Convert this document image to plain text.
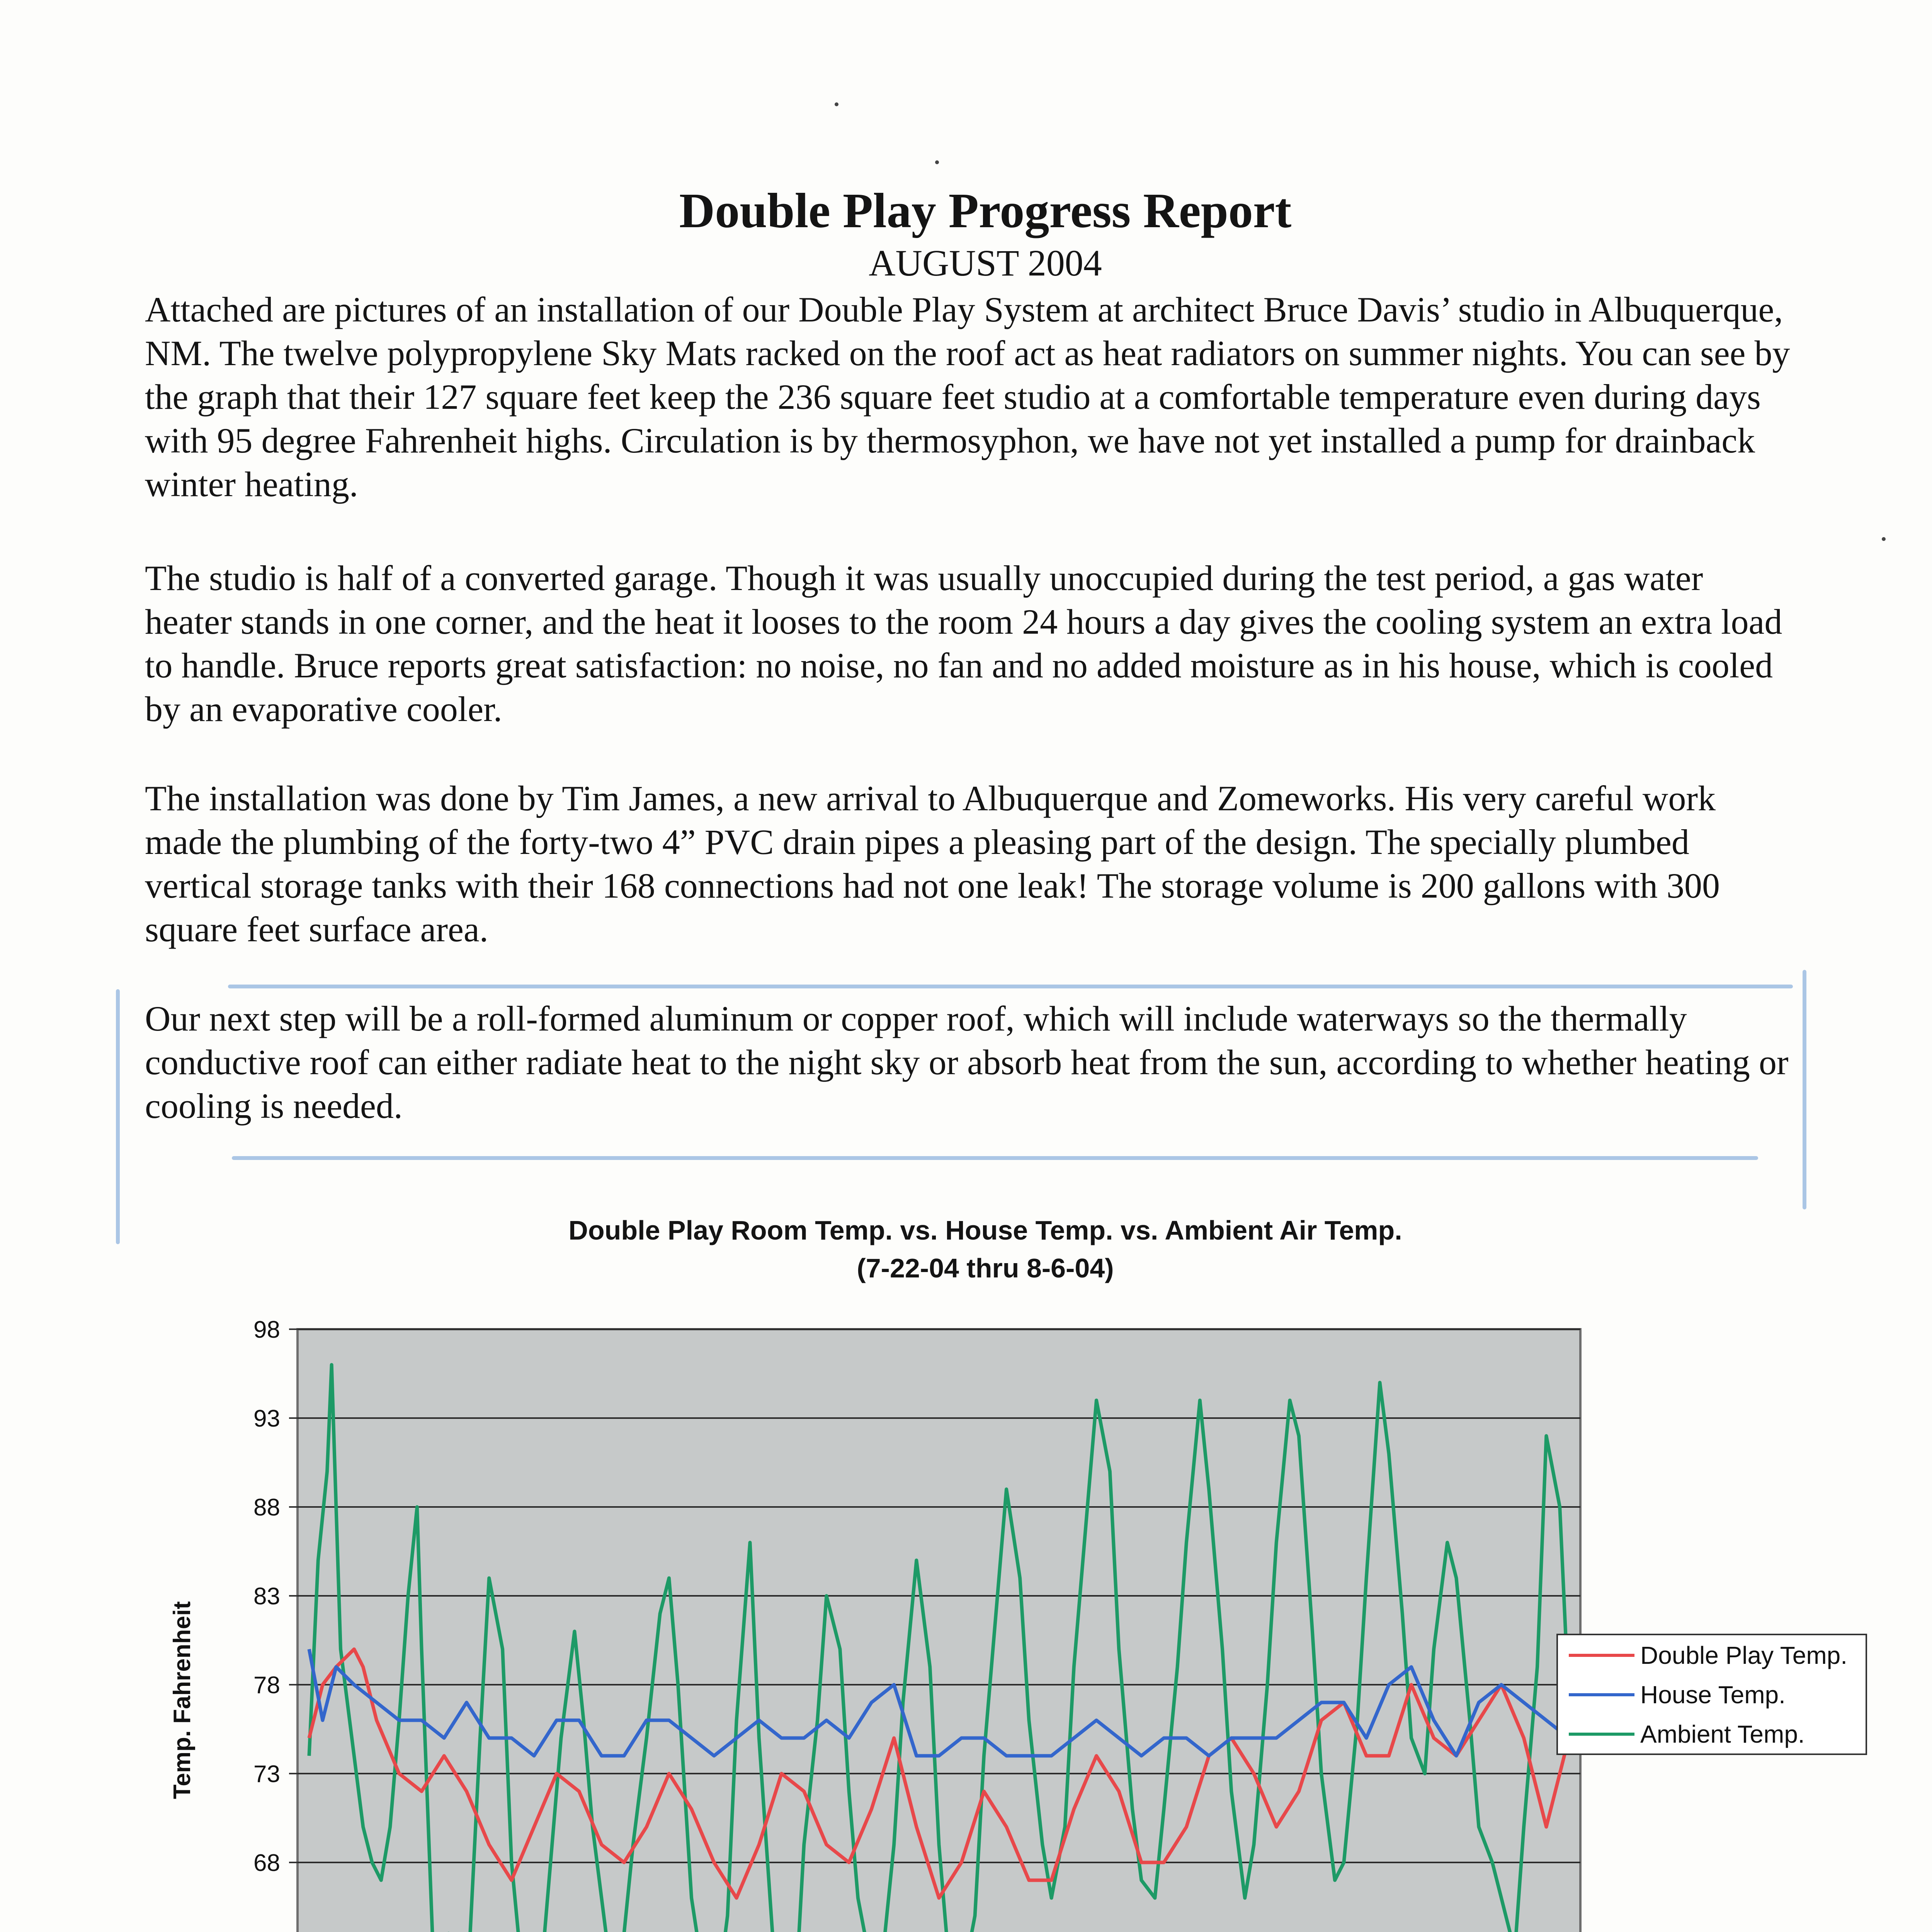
Double Play Progress Report
AUGUST 2004

Attached are pictures of an installation of our Double Play System at architect Bruce Davis’ studio in Albuquerque, NM. The twelve polypropylene Sky Mats racked on the roof act as heat radiators on summer nights. You can see by the graph that their 127 square feet keep the 236 square feet studio at a comfortable temperature even during days with 95 degree Fahrenheit highs. Circulation is by thermosyphon, we have not yet installed a pump for drainback winter heating.

The studio is half of a converted garage. Though it was usually unoccupied during the test period, a gas water heater stands in one corner, and the heat it looses to the room 24 hours a day gives the cooling system an extra load to handle. Bruce reports great satisfaction: no noise, no fan and no added moisture as in his house, which is cooled by an evaporative cooler.

The installation was done by Tim James, a new arrival to Albuquerque and Zomeworks. His very careful work made the plumbing of the forty-two 4” PVC drain pipes a pleasing part of the design. The specially plumbed vertical storage tanks with their 168 connections had not one leak! The storage volume is 200 gallons with 300 square feet surface area.

Our next step will be a roll-formed aluminum or copper roof, which will include waterways so the thermally conductive roof can either radiate heat to the night sky or absorb heat from the sun, according to whether heating or cooling is needed.

Double Play Room Temp. vs. House Temp. vs. Ambient Air Temp.
(7-22-04 thru 8-6-04)
98
93
88
83
78
73
68
Temp. Fahrenheit	Double Play Temp.
House Temp.
Ambient Temp.
